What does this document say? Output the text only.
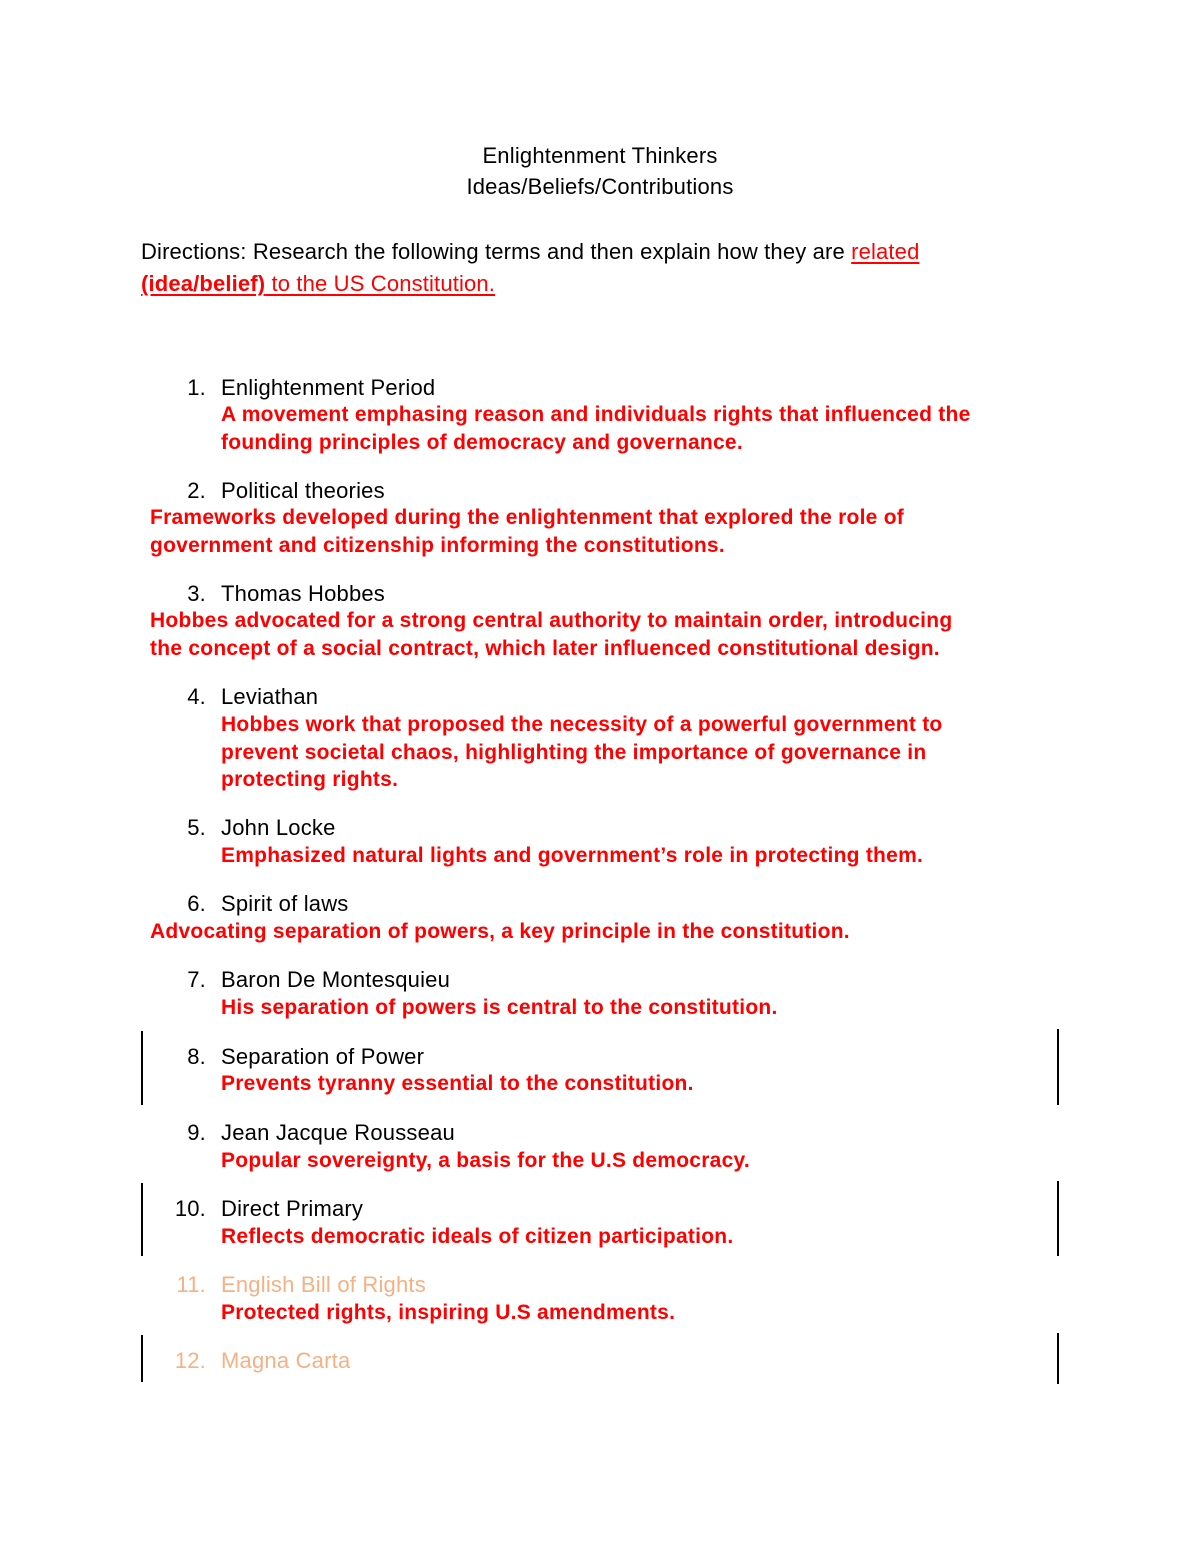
Enlightenment Thinkers
Ideas/Beliefs/Contributions
Directions: Research the following terms and then explain how they are related
(idea/belief) to the US Constitution.
1. Enlightenment Period
A movement emphasing reason and individuals rights that influenced the
founding principles of democracy and governance.
2. Political theories
Frameworks developed during the enlightenment that explored the role of
government and citizenship informing the constitutions.
3. Thomas Hobbes
Hobbes advocated for a strong central authority to maintain order, introducing
the concept of a social contract, which later influenced constitutional design.
4. Leviathan
Hobbes work that proposed the necessity of a powerful government to
prevent societal chaos, highlighting the importance of governance in
protecting rights.
5. John Locke
Emphasized natural lights and government’s role in protecting them.
6. Spirit of laws
Advocating separation of powers, a key principle in the constitution.
7. Baron De Montesquieu
His separation of powers is central to the constitution.
8. Separation of Power
Prevents tyranny essential to the constitution.
9. Jean Jacque Rousseau
Popular sovereignty, a basis for the U.S democracy.
10. Direct Primary
Reflects democratic ideals of citizen participation.
11. English Bill of Rights
Protected rights, inspiring U.S amendments.
12. Magna Carta
